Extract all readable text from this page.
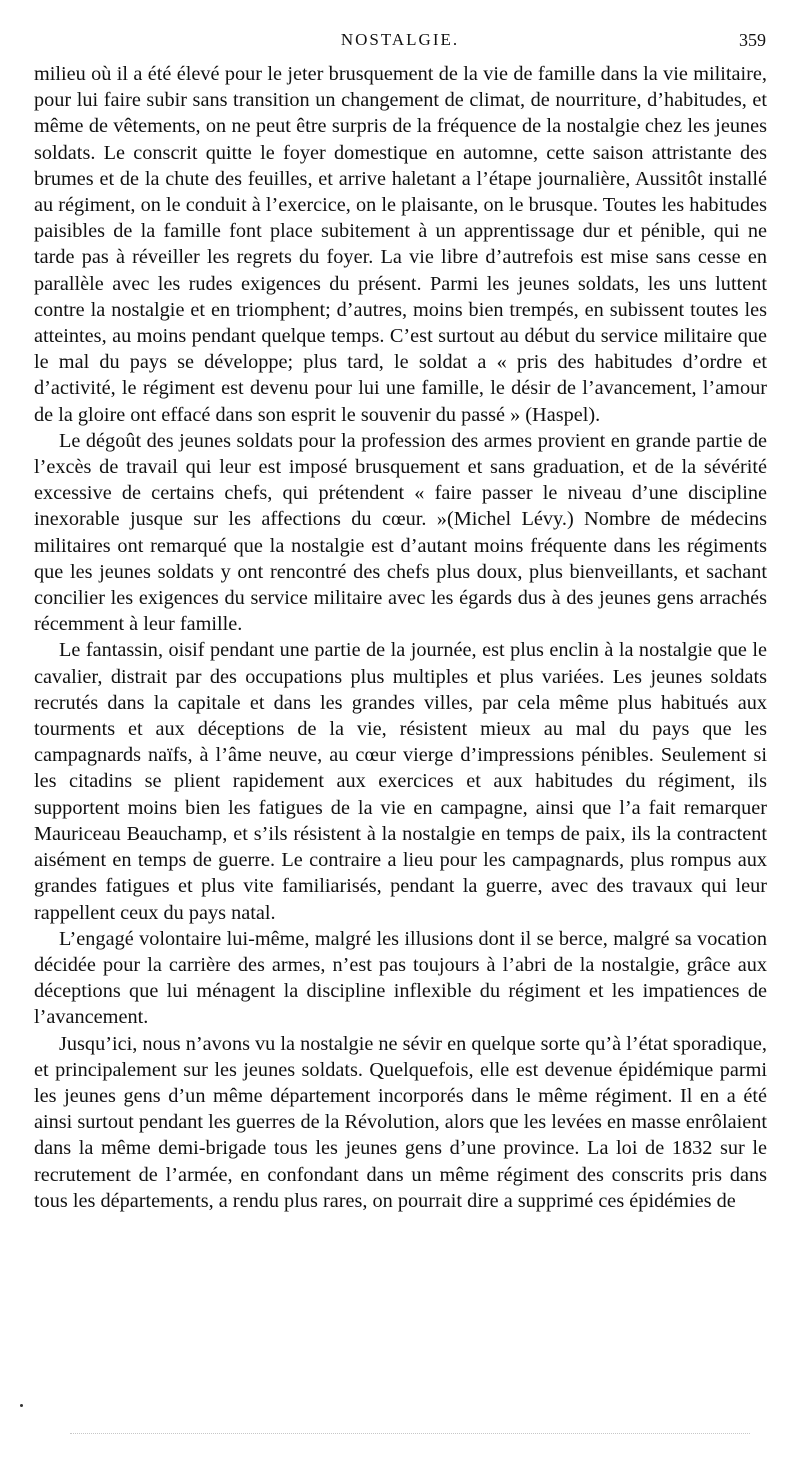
NOSTALGIE.	359

milieu où il a été élevé pour le jeter brusquement de la vie de famille dans la vie militaire, pour lui faire subir sans transition un changement de climat, de nourriture, d’habitudes, et même de vêtements, on ne peut être surpris de la fréquence de la nostalgie chez les jeunes soldats. Le conscrit quitte le foyer domestique en automne, cette saison attristante des brumes et de la chute des feuilles, et arrive haletant a l’étape journalière, Aussitôt installé au régiment, on le conduit à l’exercice, on le plaisante, on le brusque. Toutes les habitudes paisibles de la famille font place subitement à un apprentissage dur et pénible, qui ne tarde pas à réveiller les regrets du foyer. La vie libre d’autrefois est mise sans cesse en parallèle avec les rudes exigences du présent. Parmi les jeunes soldats, les uns luttent contre la nostalgie et en triomphent; d’autres, moins bien trempés, en subissent toutes les atteintes, au moins pendant quelque temps. C’est surtout au début du service militaire que le mal du pays se développe; plus tard, le soldat a « pris des habitudes d’ordre et d’activité, le régiment est devenu pour lui une famille, le désir de l’avancement, l’amour de la gloire ont effacé dans son esprit le souvenir du passé » (Haspel).

Le dégoût des jeunes soldats pour la profession des armes provient en grande partie de l’excès de travail qui leur est imposé brusquement et sans graduation, et de la sévérité excessive de certains chefs, qui prétendent « faire passer le niveau d’une discipline inexorable jusque sur les affections du cœur. »(Michel Lévy.) Nombre de médecins militaires ont remarqué que la nostalgie est d’autant moins fréquente dans les régiments que les jeunes soldats y ont rencontré des chefs plus doux, plus bienveillants, et sachant concilier les exigences du service militaire avec les égards dus à des jeunes gens arrachés récemment à leur famille.

Le fantassin, oisif pendant une partie de la journée, est plus enclin à la nostalgie que le cavalier, distrait par des occupations plus multiples et plus variées. Les jeunes soldats recrutés dans la capitale et dans les grandes villes, par cela même plus habitués aux tourments et aux déceptions de la vie, résistent mieux au mal du pays que les campagnards naïfs, à l’âme neuve, au cœur vierge d’impressions pénibles. Seulement si les citadins se plient rapidement aux exercices et aux habitudes du régiment, ils supportent moins bien les fatigues de la vie en campagne, ainsi que l’a fait remarquer Mauriceau Beauchamp, et s’ils résistent à la nostalgie en temps de paix, ils la contractent aisément en temps de guerre. Le contraire a lieu pour les campagnards, plus rompus aux grandes fatigues et plus vite familiarisés, pendant la guerre, avec des travaux qui leur rappellent ceux du pays natal.

L’engagé volontaire lui-même, malgré les illusions dont il se berce, malgré sa vocation décidée pour la carrière des armes, n’est pas toujours à l’abri de la nostalgie, grâce aux déceptions que lui ménagent la discipline inflexible du régiment et les impatiences de l’avancement.

Jusqu’ici, nous n’avons vu la nostalgie ne sévir en quelque sorte qu’à l’état sporadique, et principalement sur les jeunes soldats. Quelquefois, elle est devenue épidémique parmi les jeunes gens d’un même département incorporés dans le même régiment. Il en a été ainsi surtout pendant les guerres de la Révolution, alors que les levées en masse enrôlaient dans la même demi-brigade tous les jeunes gens d’une province. La loi de 1832 sur le recrutement de l’armée, en confondant dans un même régiment des conscrits pris dans tous les départements, a rendu plus rares, on pourrait dire a supprimé ces épidémies de
